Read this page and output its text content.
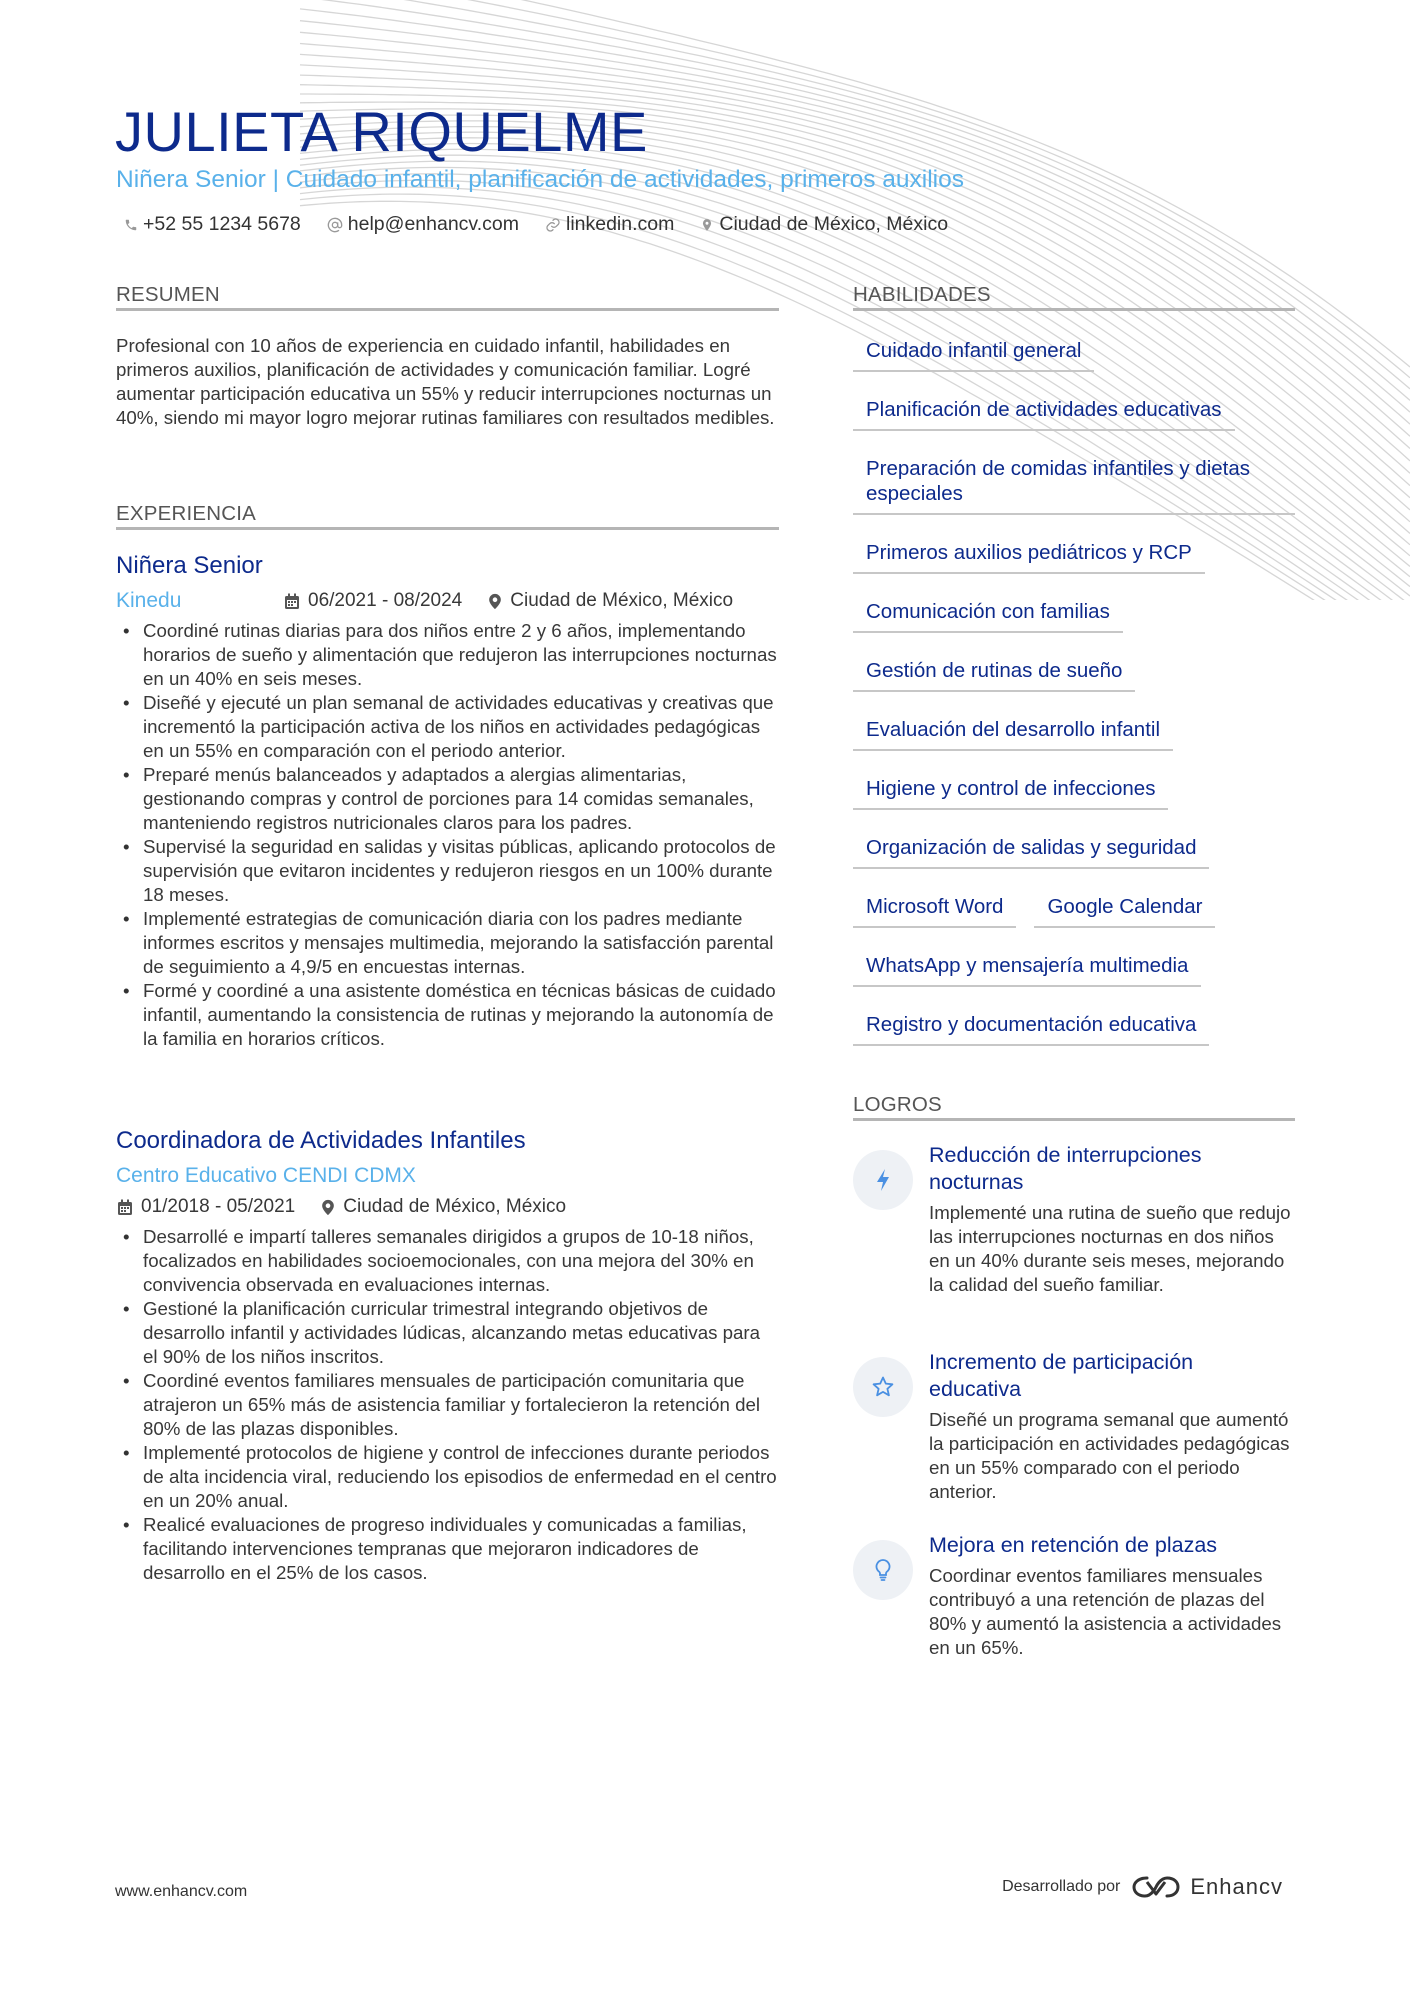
JULIETA RIQUELME
Niñera Senior | Cuidado infantil, planificación de actividades, primeros auxilios
+52 55 1234 5678 help@enhancv.com linkedin.com Ciudad de México, México
RESUMEN

Profesional con 10 años de experiencia en cuidado infantil, habilidades en primeros auxilios, planificación de actividades y comunicación familiar. Logré aumentar participación educativa un 55% y reducir interrupciones nocturnas un 40%, siendo mi mayor logro mejorar rutinas familiares con resultados medibles.

EXPERIENCIA
Niñera Senior
Kinedu	06/2021 - 08/2024	Ciudad de México, México
• Coordiné rutinas diarias para dos niños entre 2 y 6 años, implementando horarios de sueño y alimentación que redujeron las interrupciones nocturnas en un 40% en seis meses.
• Diseñé y ejecuté un plan semanal de actividades educativas y creativas que incrementó la participación activa de los niños en actividades pedagógicas en un 55% en comparación con el periodo anterior.
• Preparé menús balanceados y adaptados a alergias alimentarias, gestionando compras y control de porciones para 14 comidas semanales, manteniendo registros nutricionales claros para los padres.
• Supervisé la seguridad en salidas y visitas públicas, aplicando protocolos de supervisión que evitaron incidentes y redujeron riesgos en un 100% durante 18 meses.
• Implementé estrategias de comunicación diaria con los padres mediante informes escritos y mensajes multimedia, mejorando la satisfacción parental de seguimiento a 4,9/5 en encuestas internas.
• Formé y coordiné a una asistente doméstica en técnicas básicas de cuidado infantil, aumentando la consistencia de rutinas y mejorando la autonomía de la familia en horarios críticos.
Coordinadora de Actividades Infantiles
Centro Educativo CENDI CDMX
01/2018 - 05/2021	Ciudad de México, México
• Desarrollé e impartí talleres semanales dirigidos a grupos de 10-18 niños, focalizados en habilidades socioemocionales, con una mejora del 30% en convivencia observada en evaluaciones internas.
• Gestioné la planificación curricular trimestral integrando objetivos de desarrollo infantil y actividades lúdicas, alcanzando metas educativas para el 90% de los niños inscritos.
• Coordiné eventos familiares mensuales de participación comunitaria que atrajeron un 65% más de asistencia familiar y fortalecieron la retención del 80% de las plazas disponibles.
• Implementé protocolos de higiene y control de infecciones durante periodos de alta incidencia viral, reduciendo los episodios de enfermedad en el centro en un 20% anual.
• Realicé evaluaciones de progreso individuales y comunicadas a familias, facilitando intervenciones tempranas que mejoraron indicadores de desarrollo en el 25% de los casos.
HABILIDADES
Cuidado infantil general
Planificación de actividades educativas
Preparación de comidas infantiles y dietas especiales
Primeros auxilios pediátricos y RCP
Comunicación con familias
Gestión de rutinas de sueño
Evaluación del desarrollo infantil
Higiene y control de infecciones
Organización de salidas y seguridad
Microsoft Word	Google Calendar
WhatsApp y mensajería multimedia
Registro y documentación educativa
LOGROS
Reducción de interrupciones nocturnas
Implementé una rutina de sueño que redujo las interrupciones nocturnas en dos niños en un 40% durante seis meses, mejorando la calidad del sueño familiar.
Incremento de participación educativa
Diseñé un programa semanal que aumentó la participación en actividades pedagógicas en un 55% comparado con el periodo anterior.
Mejora en retención de plazas
Coordinar eventos familiares mensuales contribuyó a una retención de plazas del 80% y aumentó la asistencia a actividades en un 65%.
www.enhancv.com	Desarrollado por	Enhancv
